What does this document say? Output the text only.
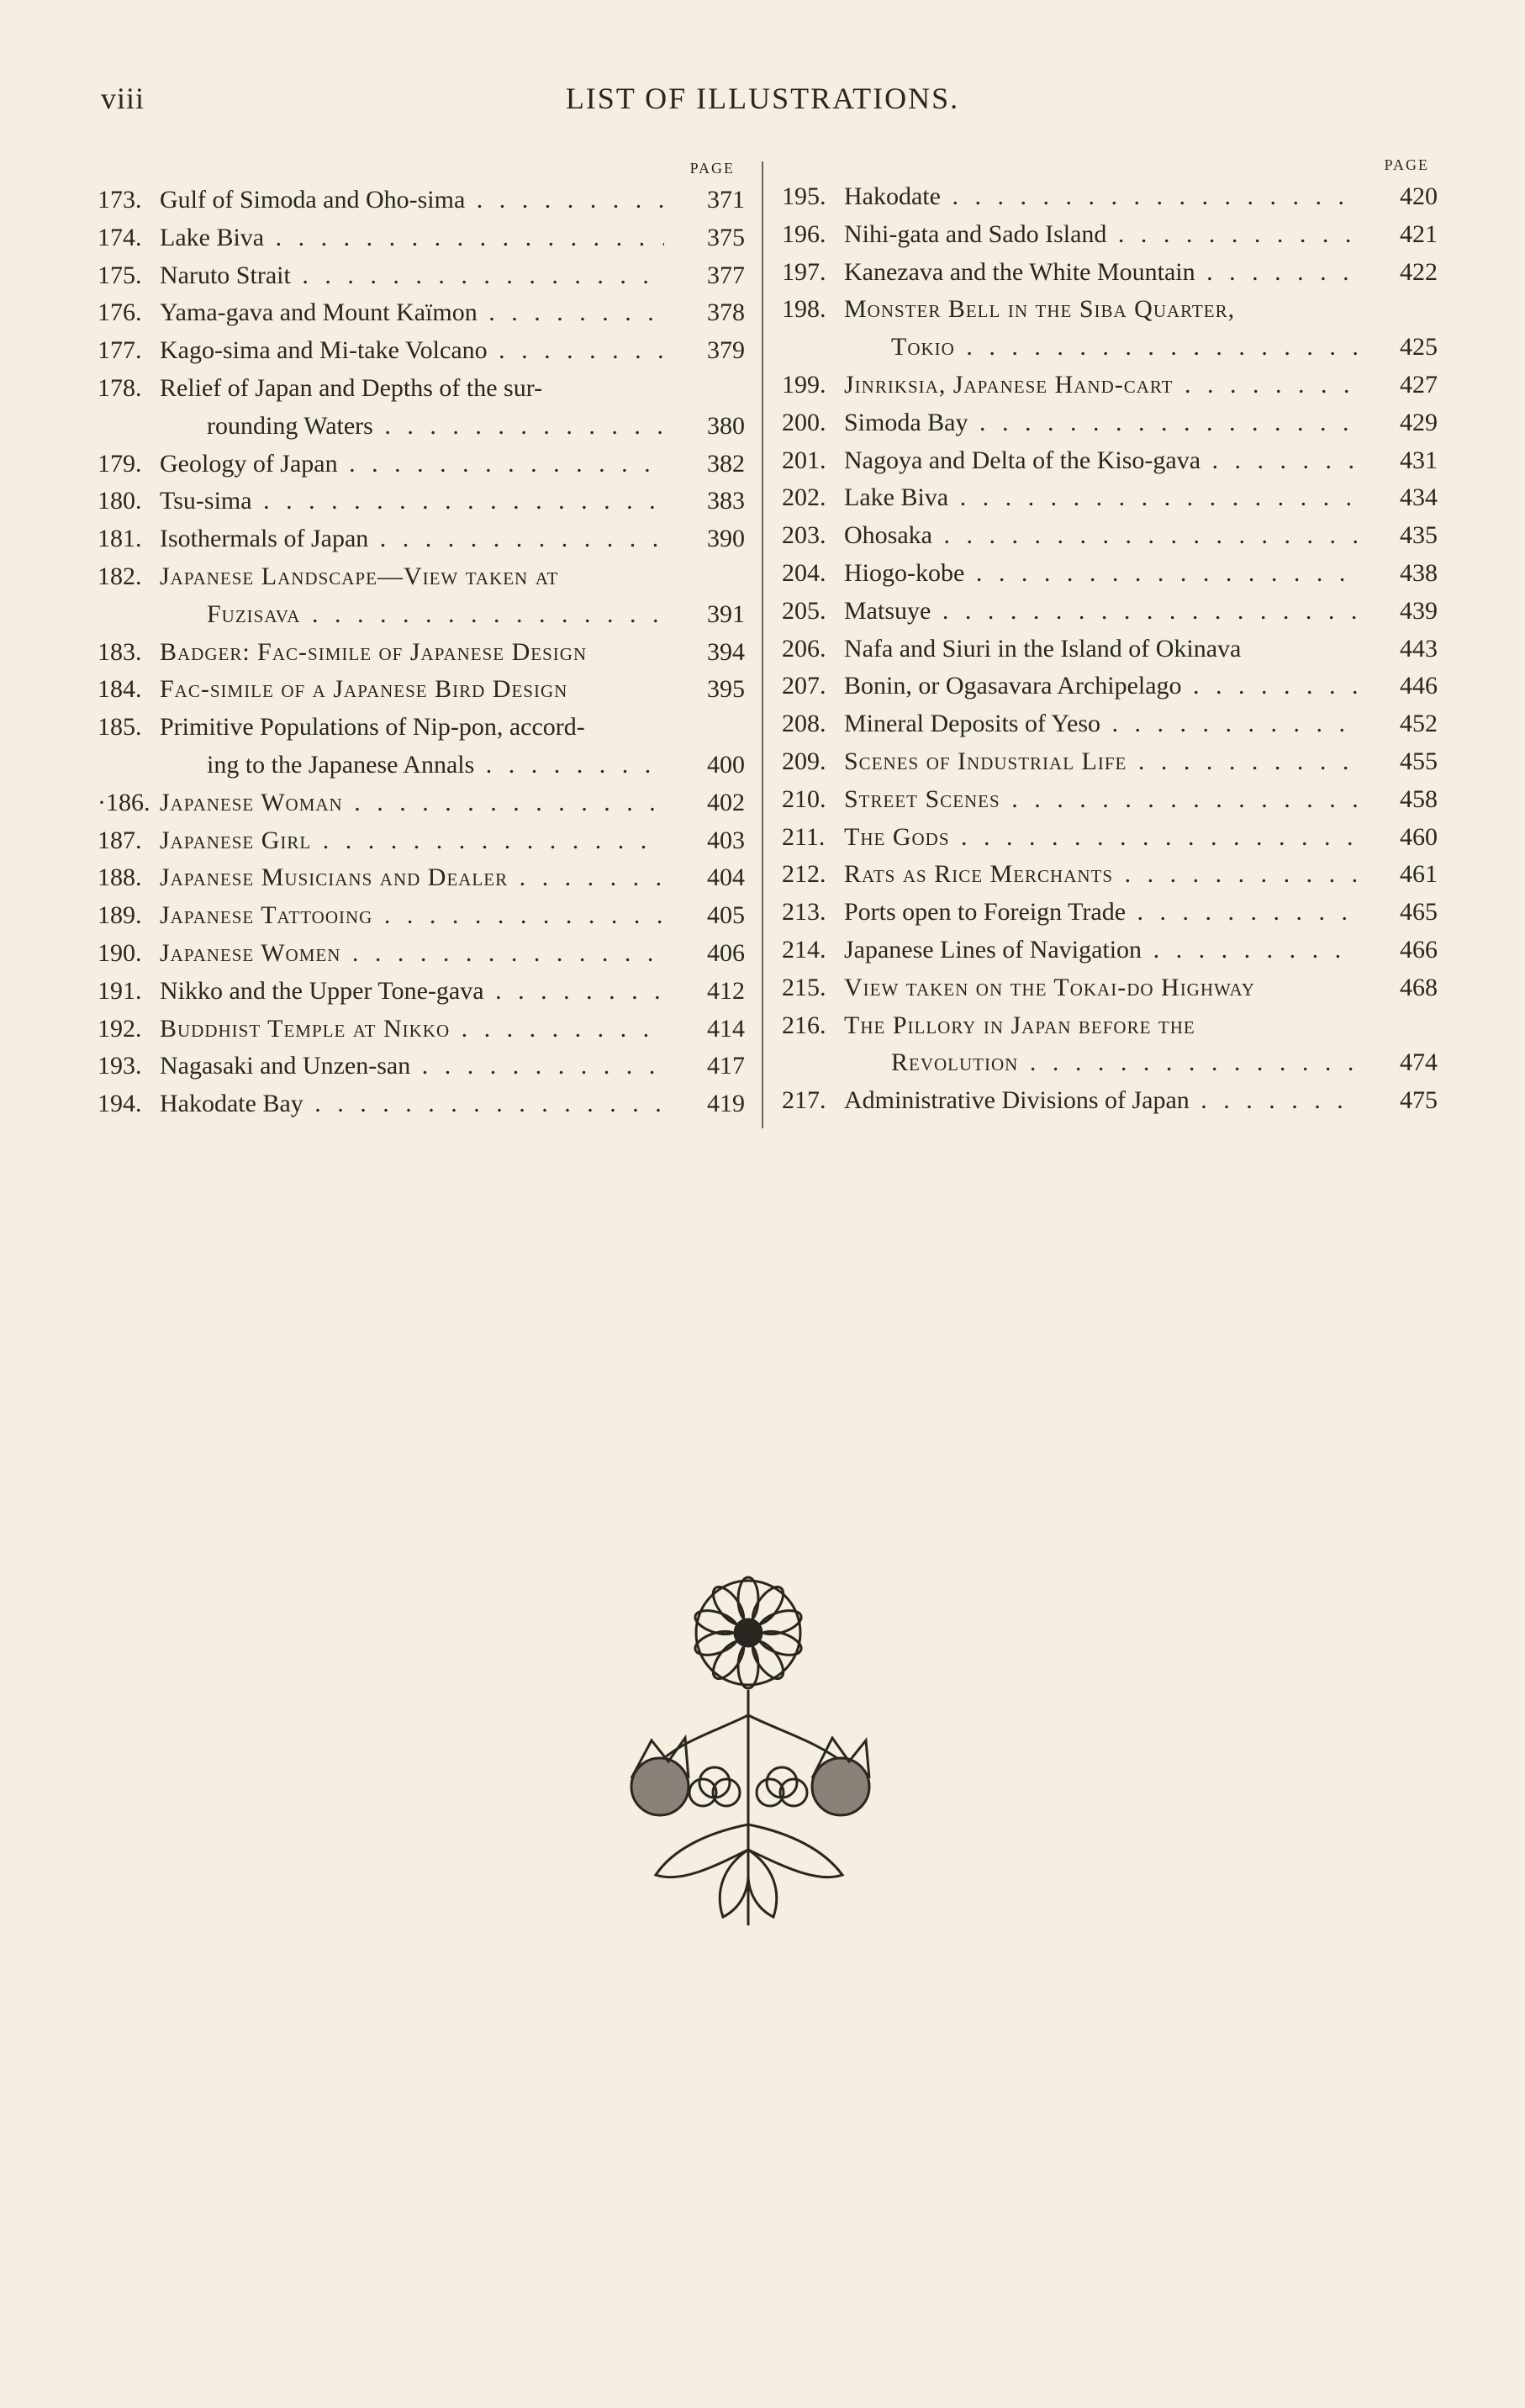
viii	LIST OF ILLUSTRATIONS.
PAGE
173. Gulf of Simoda and Oho-sima . . .	371
174. Lake Biva . . .	375
175. Naruto Strait . . .	377
176. Yama-gava and Mount Kaïmon . . .	378
177. Kago-sima and Mi-take Volcano . . .	379
178. Relief of Japan and Depths of the sur-
rounding Waters . . .	380
179. Geology of Japan . . .	382
180. Tsu-sima . . .	383
181. Isothermals of Japan . . .	390
182. Japanese Landscape—View taken at
Fuzisava . . .	391
183. Badger: Fac-simile of Japanese Design	394
184. Fac-simile of a Japanese Bird Design	395
185. Primitive Populations of Nip-pon, accord-
ing to the Japanese Annals . . .	400
·186. Japanese Woman . . .	402
187. Japanese Girl . . .	403
188. Japanese Musicians and Dealer . . .	404
189. Japanese Tattooing . . .	405
190. Japanese Women . . .	406
191. Nikko and the Upper Tone-gava . . .	412
192. Buddhist Temple at Nikko . . .	414
193. Nagasaki and Unzen-san . . .	417
194. Hakodate Bay . . .	419
PAGE
195. Hakodate . . .	420
196. Nihi-gata and Sado Island . . .	421
197. Kanezava and the White Mountain . . .	422
198. Monster Bell in the Siba Quarter,
Tokio . . .	425
199. Jinriksia, Japanese Hand-cart . . .	427
200. Simoda Bay . . .	429
201. Nagoya and Delta of the Kiso-gava . . .	431
202. Lake Biva . . .	434
203. Ohosaka . . .	435
204. Hiogo-kobe . . .	438
205. Matsuye . . .	439
206. Nafa and Siuri in the Island of Okinava	443
207. Bonin, or Ogasavara Archipelago . . .	446
208. Mineral Deposits of Yeso . . .	452
209. Scenes of Industrial Life . . .	455
210. Street Scenes . . .	458
211. The Gods . . .	460
212. Rats as Rice Merchants . . .	461
213. Ports open to Foreign Trade . . .	465
214. Japanese Lines of Navigation . . .	466
215. View taken on the Tokai-do Highway	468
216. The Pillory in Japan before the
Revolution . . .	474
217. Administrative Divisions of Japan . . .	475
